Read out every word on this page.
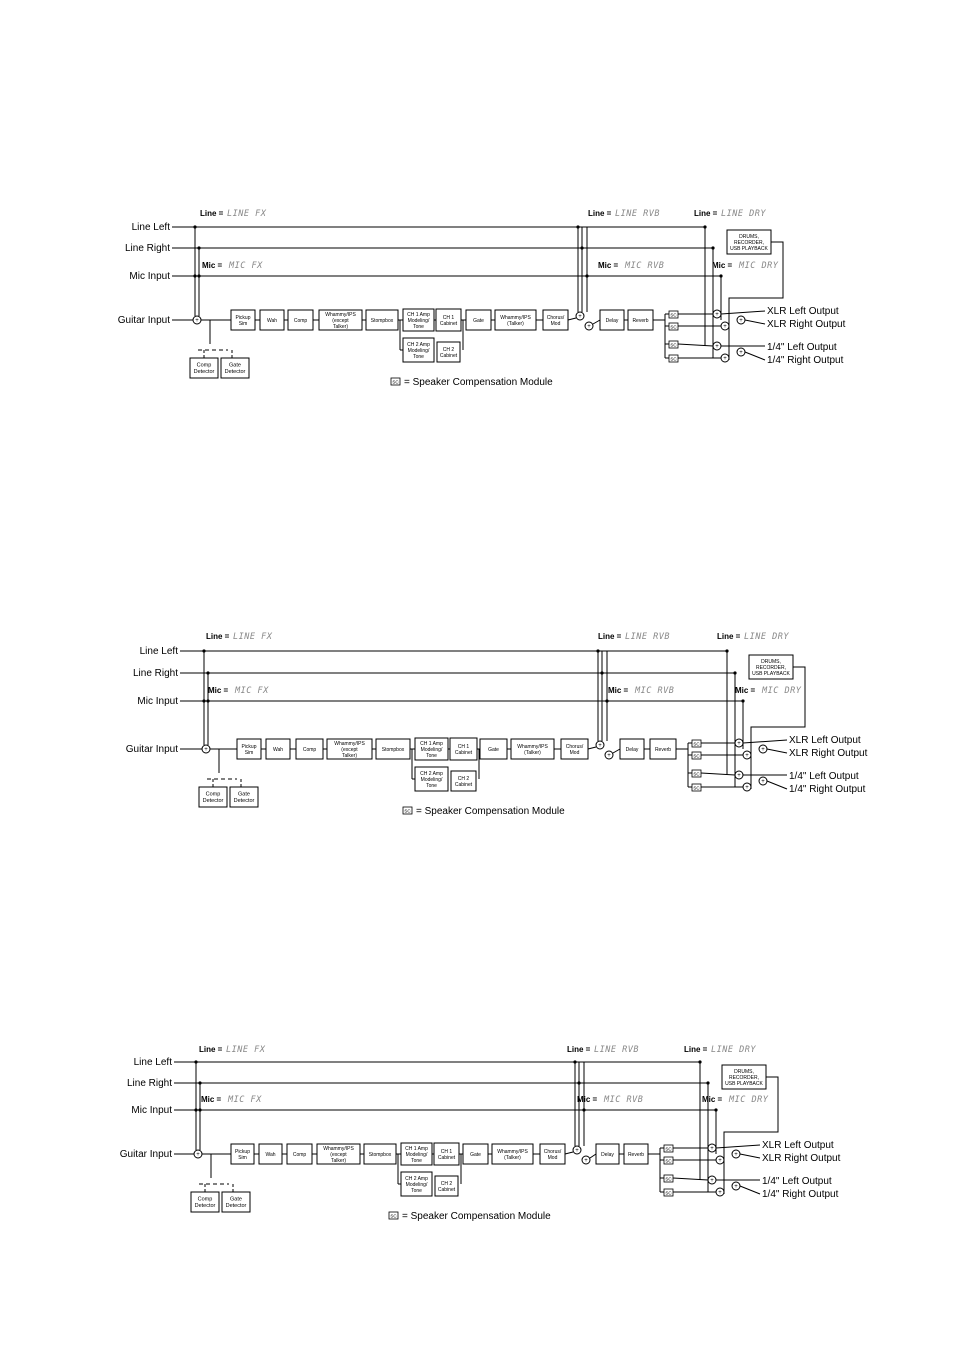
Line Left
Line Right
Mic Input
Guitar Input
Line = LINE FX	Line = LINE RVB	Line = LINE DRY
Mic = MIC FX	Mic = MIC RVB	Mic = MIC DRY
+
Pickup
Sim	Wah	Comp
Whammy/IPS
(except
Talker)
Stompbox
CH 1 Amp
Modeling/
Tone
CH 1
Cabinet	Gate	Whammy/IPS
(Talker)
Chorus/
Mod	Delay	Reverb
CH 2 Amp
Modeling/
Tone
CH 2
Cabinet
Comp
Detector
Gate
Detector
+
+
SC
SC
SC
SC
+
+
+
+
+
+
DRUMS,
RECORDER,
USB PLAYBACK
XLR Left Output
XLR Right Output
1/4" Left Output
1/4" Right Output
SC = Speaker Compensation Module
Line Left
Line Right
Mic Input
Guitar Input
Line = LINE FX	Line = LINE RVB	Line = LINE DRY
Mic = MIC FX	Mic = MIC RVB	Mic = MIC DRY
+
Pickup
Sim	Wah	Comp
Whammy/IPS
(except
Talker)
Stompbox
CH 1 Amp
Modeling/
Tone
CH 1
Cabinet	Gate	Whammy/IPS
(Talker)
Chorus/
Mod	Delay	Reverb
CH 2 Amp
Modeling/
Tone
CH 2
Cabinet
Comp
Detector
Gate
Detector
+
+
SC
SC
SC
SC
+
+
+
+
+
+
DRUMS,
RECORDER,
USB PLAYBACK
XLR Left Output
XLR Right Output
1/4" Left Output
1/4" Right Output
SC = Speaker Compensation Module
Line Left
Line Right
Mic Input
Guitar Input
Line = LINE FX	Line = LINE RVB	Line = LINE DRY
Mic = MIC FX	Mic = MIC RVB	Mic = MIC DRY
+
Pickup
Sim	Wah	Comp
Whammy/IPS
(except
Talker)
Stompbox
CH 1 Amp
Modeling/
Tone
CH 1
Cabinet	Gate	Whammy/IPS
(Talker)
Chorus/
Mod	Delay	Reverb
CH 2 Amp
Modeling/
Tone
CH 2
Cabinet
Comp
Detector
Gate
Detector
+
+
SC
SC
SC
SC
+
+
+
+
+
+
DRUMS,
RECORDER,
USB PLAYBACK
XLR Left Output
XLR Right Output
1/4" Left Output
1/4" Right Output
SC = Speaker Compensation Module
